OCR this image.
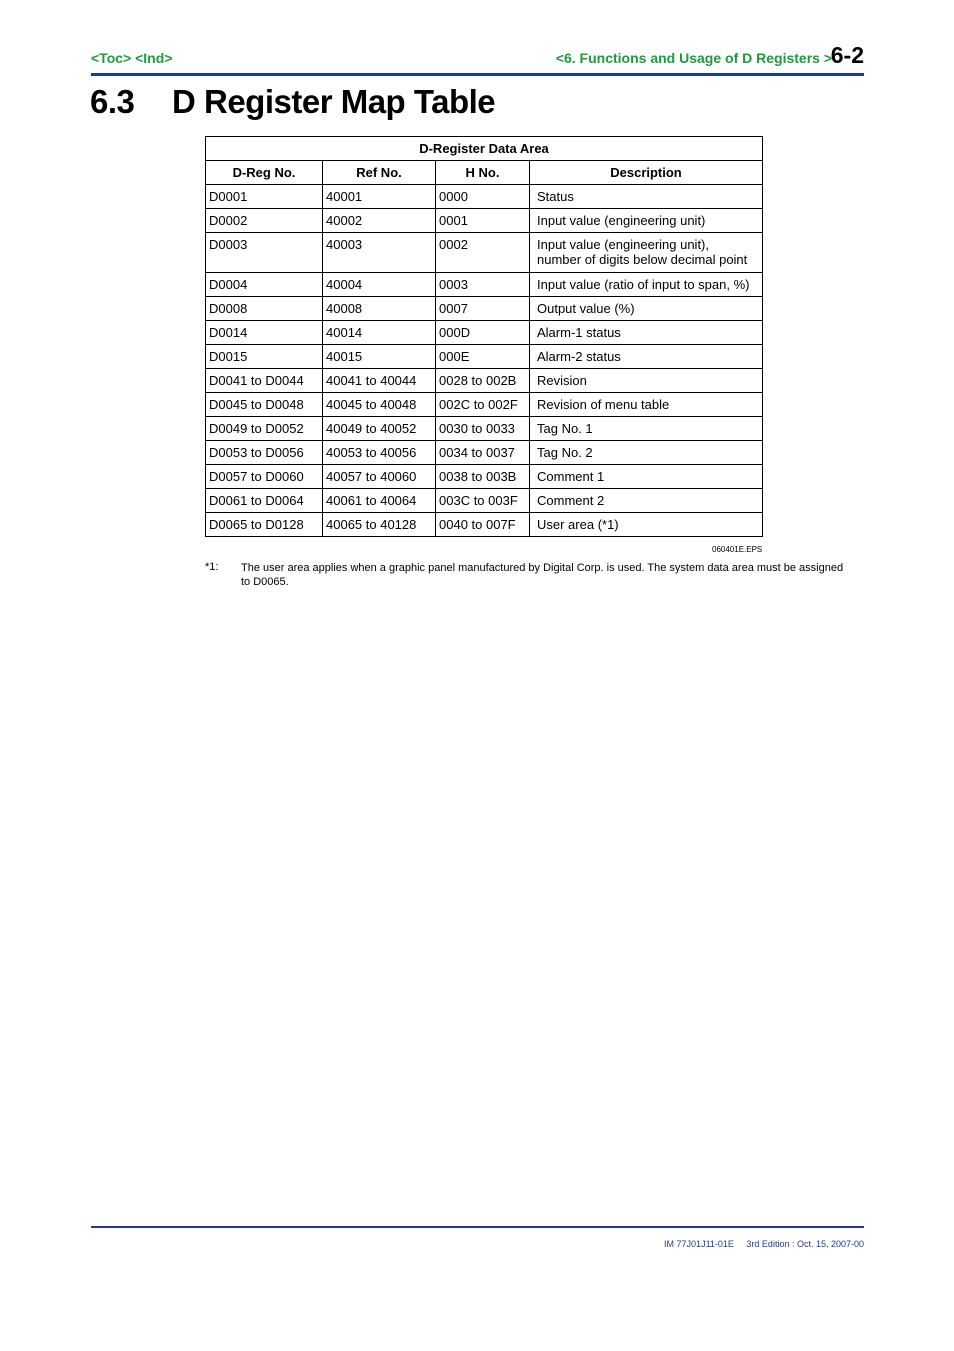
<Toc> <Ind>	<6. Functions and Usage of D Registers >
6-2
6.3 D Register Map Table
D-Register Data Area			
D-Reg No.	Ref No.	H No.	Description
D0001	40001	0000	Status
D0002	40002	0001	Input value (engineering unit)
D0003	40003	0002	Input value (engineering unit),
number of digits below decimal point
D0004	40004	0003	Input value (ratio of input to span, %)
D0008	40008	0007	Output value (%)
D0014	40014	000D	Alarm-1 status
D0015	40015	000E	Alarm-2 status
D0041 to D0044	40041 to 40044	0028 to 002B	Revision
D0045 to D0048	40045 to 40048	002C to 002F	Revision of menu table
D0049 to D0052	40049 to 40052	0030 to 0033	Tag No. 1
D0053 to D0056	40053 to 40056	0034 to 0037	Tag No. 2
D0057 to D0060	40057 to 40060	0038 to 003B	Comment 1
D0061 to D0064	40061 to 40064	003C to 003F	Comment 2
D0065 to D0128	40065 to 40128	0040 to 007F	User area (*1)
060401E.EPS
*1: The user area applies when a graphic panel manufactured by Digital Corp. is used. The system data area must be assigned to D0065.
IM 77J01J11-01E     3rd Edition : Oct. 15, 2007-00
